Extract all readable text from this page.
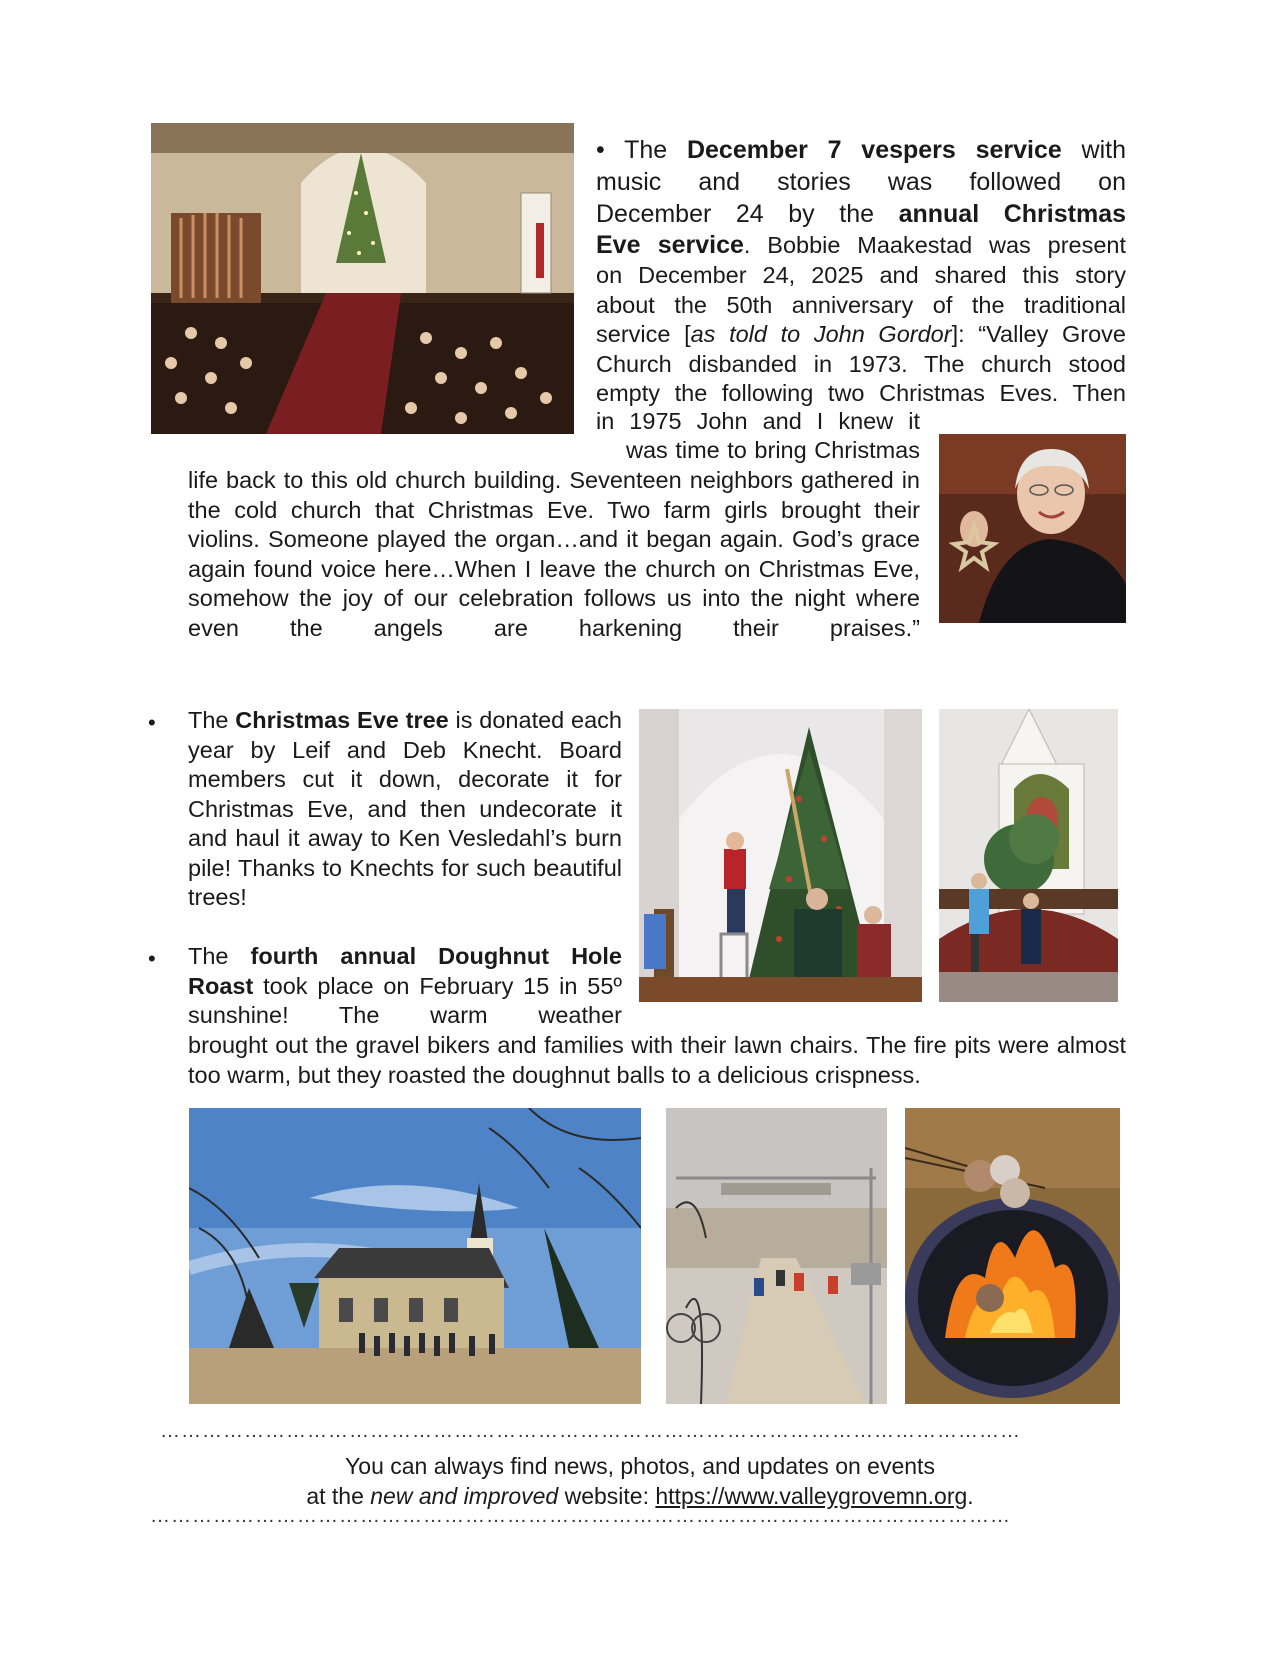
• The December 7 vespers service with
music and stories was followed on
December 24 by the annual Christmas
Eve service. Bobbie Maakestad was present
on December 24, 2025 and shared this story
about the 50th anniversary of the traditional
service [as told to John Gordor]: “Valley Grove
Church disbanded in 1973. The church stood
empty the following two Christmas Eves. Then
in 1975 John and I knew it
was time to bring Christmas
life back to this old church building. Seventeen neighbors gathered in the cold church that Christmas Eve. Two farm girls brought their violins. Someone played the organ…and it began again. God’s grace again found voice here…When I leave the church on Christmas Eve, somehow the joy of our celebration follows us into the night where even the angels are harkening their praises.”
• The Christmas Eve tree is donated each year by Leif and Deb Knecht. Board members cut it down, decorate it for Christmas Eve, and then undecorate it and haul it away to Ken Vesledahl’s burn pile! Thanks to Knechts for such beautiful trees!
• The fourth annual Doughnut Hole Roast took place on February 15 in 55º sunshine! The warm weather
brought out the gravel bikers and families with their lawn chairs. The fire pits were almost too warm, but they roasted the doughnut balls to a delicious crispness.
……………………………………………………………………………………………………………
You can always find news, photos, and updates on events
at the new and improved website: https://www.valleygrovemn.org.
……………………………………………………………………………………………………………
